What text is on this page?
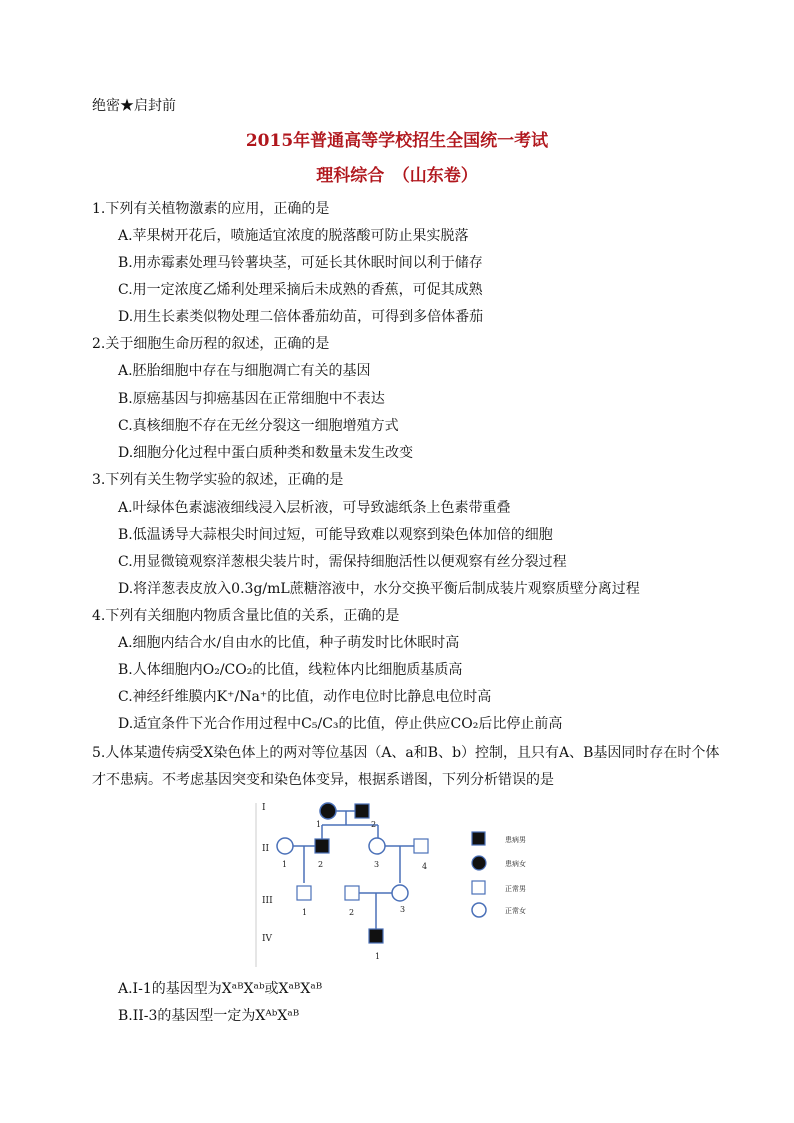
绝密★启封前
2015年普通高等学校招生全国统一考试
理科综合　（山东卷）
1.下列有关植物激素的应用，正确的是
A.苹果树开花后，喷施适宜浓度的脱落酸可防止果实脱落
B.用赤霉素处理马铃薯块茎，可延长其休眠时间以利于储存
C.用一定浓度乙烯利处理采摘后未成熟的香蕉，可促其成熟
D.用生长素类似物处理二倍体番茄幼苗，可得到多倍体番茄
2.关于细胞生命历程的叙述，正确的是
A.胚胎细胞中存在与细胞凋亡有关的基因
B.原癌基因与抑癌基因在正常细胞中不表达
C.真核细胞不存在无丝分裂这一细胞增殖方式
D.细胞分化过程中蛋白质种类和数量未发生改变
3.下列有关生物学实验的叙述，正确的是
A.叶绿体色素滤液细线浸入层析液，可导致滤纸条上色素带重叠
B.低温诱导大蒜根尖时间过短，可能导致难以观察到染色体加倍的细胞
C.用显微镜观察洋葱根尖装片时，需保持细胞活性以便观察有丝分裂过程
D.将洋葱表皮放入0.3g/mL蔗糖溶液中，水分交换平衡后制成装片观察质壁分离过程
4.下列有关细胞内物质含量比值的关系，正确的是
A.细胞内结合水/自由水的比值，种子萌发时比休眠时高
B.人体细胞内O₂/CO₂的比值，线粒体内比细胞质基质高
C.神经纤维膜内K⁺/Na⁺的比值，动作电位时比静息电位时高
D.适宜条件下光合作用过程中C₅/C₃的比值，停止供应CO₂后比停止前高
5.人体某遗传病受X染色体上的两对等位基因（A、a和B、b）控制，且只有A、B基因同时存在时个体才不患病。不考虑基因突变和染色体变异，根据系谱图，下列分析错误的是
I
II
III
IV
1	2
1	2	3	4
1	2	3
1
患病男
患病女
正常男
正常女
A.I-1的基因型为XᵃᴮXᵃᵇ或XᵃᴮXᵃᴮ
B.II-3的基因型一定为XᴬᵇXᵃᴮ
